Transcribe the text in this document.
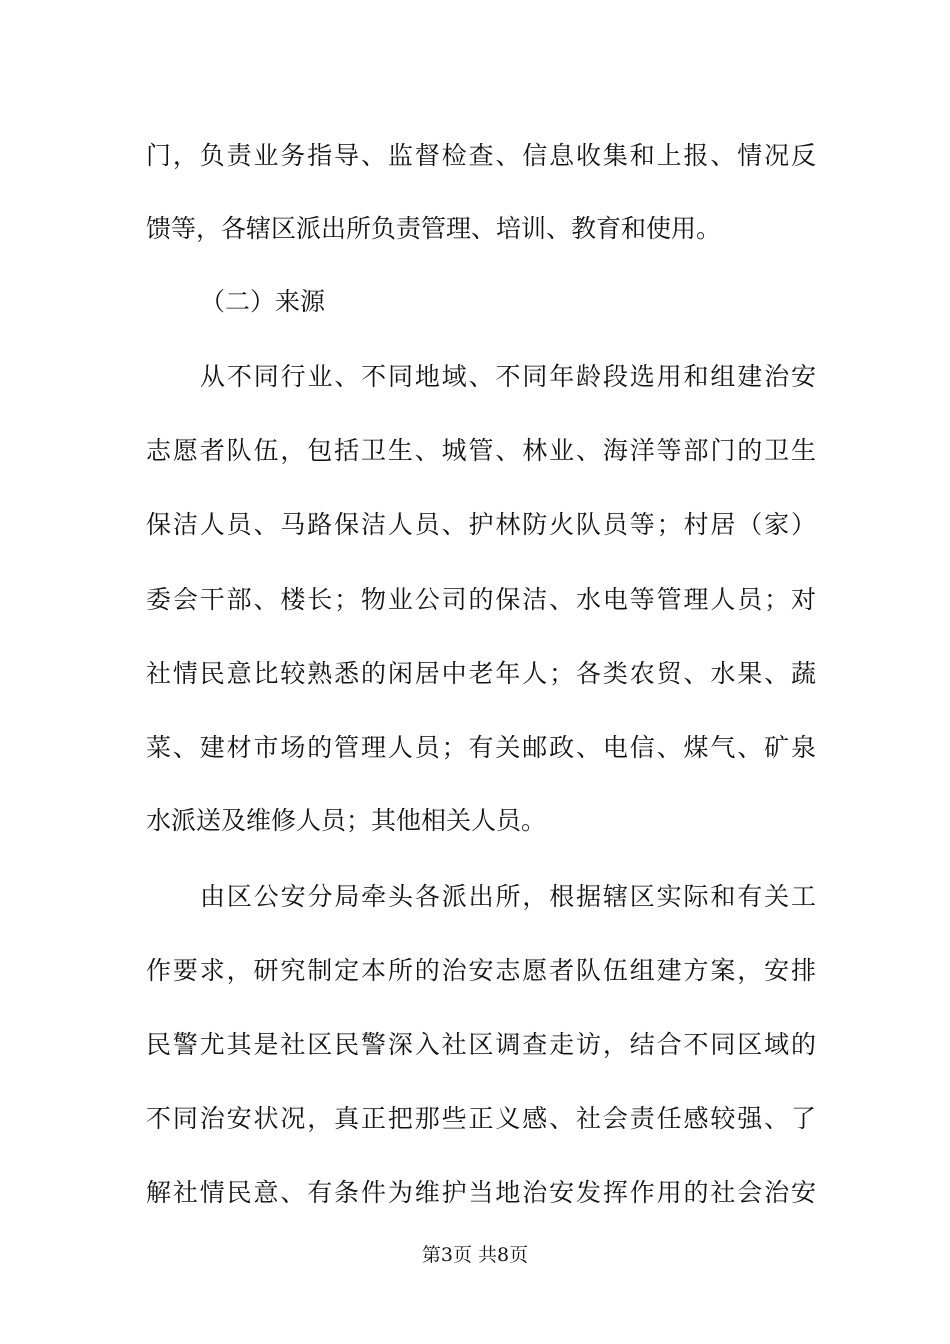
门，负责业务指导、监督检查、信息收集和上报、情况反
馈等，各辖区派出所负责管理、培训、教育和使用。
（二）来源
从不同行业、不同地域、不同年龄段选用和组建治安
志愿者队伍，包括卫生、城管、林业、海洋等部门的卫生
保洁人员、马路保洁人员、护林防火队员等；村居（家）
委会干部、楼长；物业公司的保洁、水电等管理人员；对
社情民意比较熟悉的闲居中老年人；各类农贸、水果、蔬
菜、建材市场的管理人员；有关邮政、电信、煤气、矿泉
水派送及维修人员；其他相关人员。
由区公安分局牵头各派出所，根据辖区实际和有关工
作要求，研究制定本所的治安志愿者队伍组建方案，安排
民警尤其是社区民警深入社区调查走访，结合不同区域的
不同治安状况，真正把那些正义感、社会责任感较强、了
解社情民意、有条件为维护当地治安发挥作用的社会治安
第3页 共8页
